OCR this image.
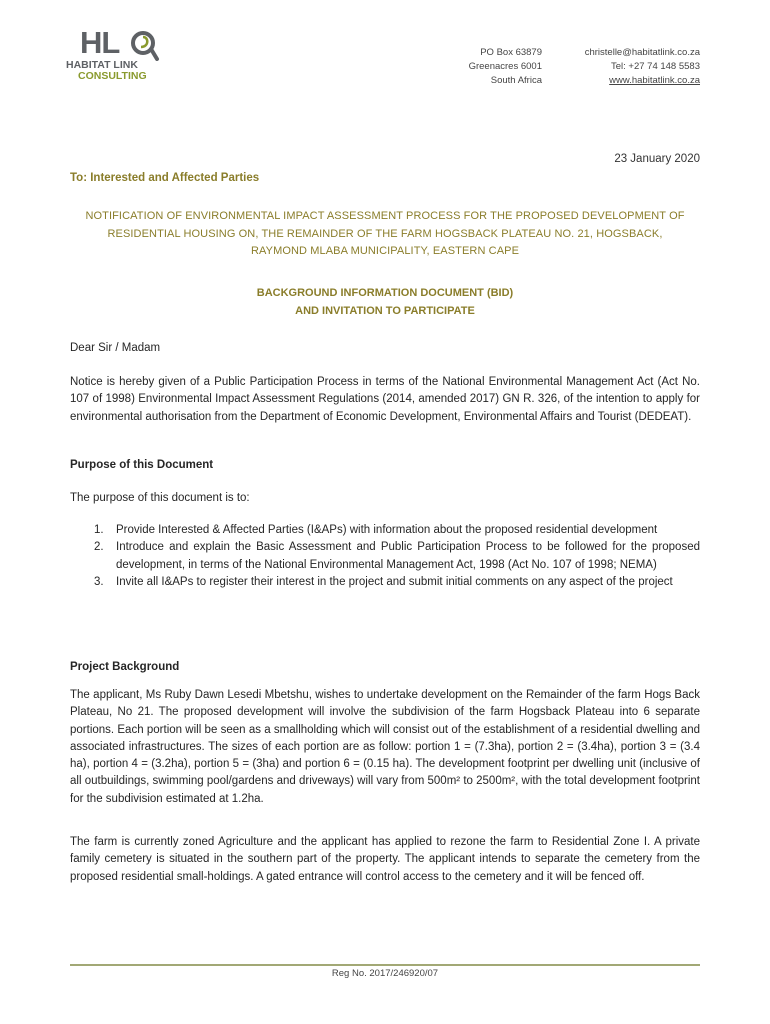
HL
HABITAT LINK
CONSULTING
PO Box 63879
Greenacres 6001
South Africa
christelle@habitatlink.co.za
Tel: +27 74 148 5583
www.habitatlink.co.za
23 January 2020
To: Interested and Affected Parties
NOTIFICATION OF ENVIRONMENTAL IMPACT ASSESSMENT PROCESS FOR THE PROPOSED DEVELOPMENT OF
RESIDENTIAL HOUSING ON, THE REMAINDER OF THE FARM HOGSBACK PLATEAU NO. 21, HOGSBACK,
RAYMOND MLABA MUNICIPALITY, EASTERN CAPE
BACKGROUND INFORMATION DOCUMENT (BID)
AND INVITATION TO PARTICIPATE
Dear Sir / Madam
Notice is hereby given of a Public Participation Process in terms of the National Environmental Management Act (Act No. 107 of 1998) Environmental Impact Assessment Regulations (2014, amended 2017) GN R. 326, of the intention to apply for environmental authorisation from the Department of Economic Development, Environmental Affairs and Tourist (DEDEAT).
Purpose of this Document
The purpose of this document is to:
1. Provide Interested & Affected Parties (I&APs) with information about the proposed residential development
2. Introduce and explain the Basic Assessment and Public Participation Process to be followed for the proposed development, in terms of the National Environmental Management Act, 1998 (Act No. 107 of 1998; NEMA)
3. Invite all I&APs to register their interest in the project and submit initial comments on any aspect of the project
Project Background
The applicant, Ms Ruby Dawn Lesedi Mbetshu, wishes to undertake development on the Remainder of the farm Hogs Back Plateau, No 21. The proposed development will involve the subdivision of the farm Hogsback Plateau into 6 separate portions. Each portion will be seen as a smallholding which will consist out of the establishment of a residential dwelling and associated infrastructures. The sizes of each portion are as follow: portion 1 = (7.3ha), portion 2 = (3.4ha), portion 3 = (3.4 ha), portion 4 = (3.2ha), portion 5 = (3ha) and portion 6 = (0.15 ha). The development footprint per dwelling unit (inclusive of all outbuildings, swimming pool/gardens and driveways) will vary from 500m² to 2500m², with the total development footprint for the subdivision estimated at 1.2ha.
The farm is currently zoned Agriculture and the applicant has applied to rezone the farm to Residential Zone I. A private family cemetery is situated in the southern part of the property. The applicant intends to separate the cemetery from the proposed residential small-holdings. A gated entrance will control access to the cemetery and it will be fenced off.
Reg No. 2017/246920/07
